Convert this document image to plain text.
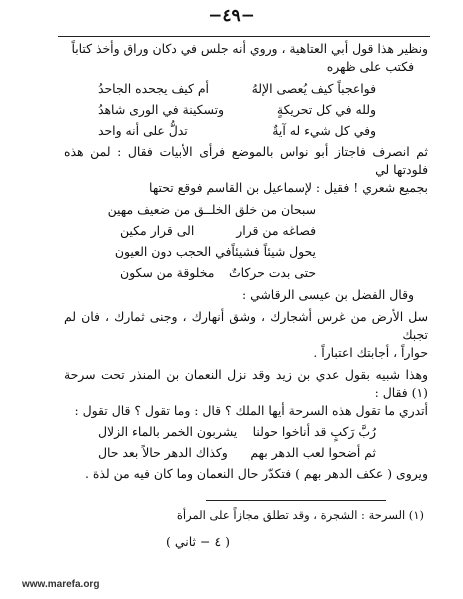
−٤٩−

ونظير هذا قول أبي العتاهية ، وروي أنه جلس في دكان وراق وأخذ كتاباً

فكتب على ظهره

فواعجباً كيف يُعصى الإلهُ
أم كيف يجحده الجاحدُ
ولله في كل تحريكةٍ
وتسكينة في الورى شاهدُ
وفي كل شيء له آيةٌ
تدلُّ على أنه واحد

ثم انصرف فاجتاز أبو نواس بالموضع فرأى الأبيات فقال : لمن هذه فلودتها لي

بجميع شعري ! فقيل : لإسماعيل بن القاسم فوقع تحتها

سبحان من خلق الخلـ
ـق من ضعيف مهين
فصاغه من قرار
الى قرار مكين
يحول شيئاً فشيئاً
في الحجب دون العيون
حتى بدت حركاتٌ
مخلوقة من سكون

وقال الفضل بن عيسى الرقاشي :

سل الأرض من غرس أشجارك ، وشق أنهارك ، وجنى ثمارك ، فان لم تجبك

حواراً ، أجابتك اعتباراً .

وهذا شبيه بقول عدي بن زيد وقد نزل النعمان بن المنذر تحت سرحة (١) فقال :

أتدري ما تقول هذه السرحة أيها الملك ؟ قال : وما تقول ؟ قال تقول :

رُبَّ رَكبٍ قد أناخوا حولنا
يشربون الخمر بالماء الزلال
ثم أضحوا لعب الدهر بهم
وكذاك الدهر حالاً بعد حال

ويروى ( عكف الدهر بهم ) فتكدّر حال النعمان وما كان فيه من لذة .

(١) السرحة : الشجرة ، وقد تطلق مجازاً على المرأة
( ٤ − ثاني )
www.marefa.org
